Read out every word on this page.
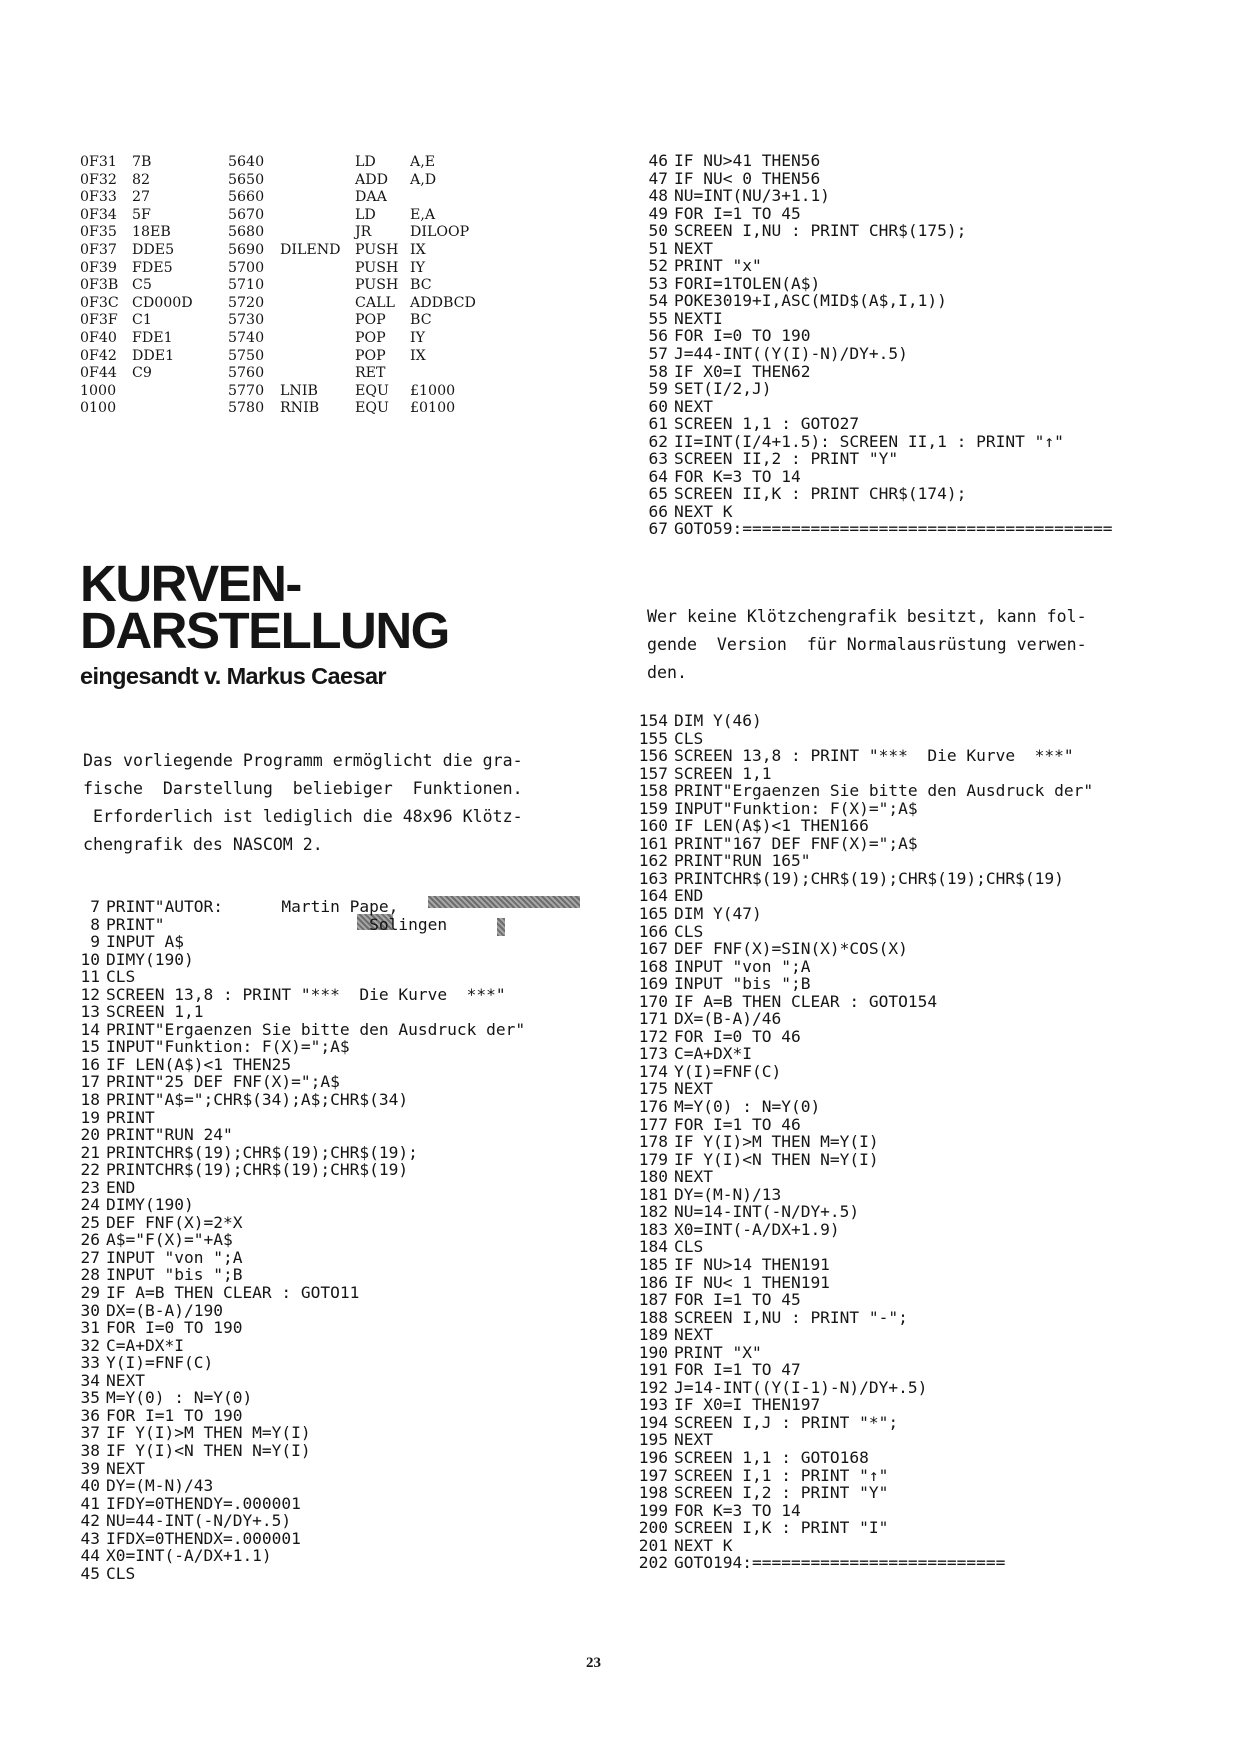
0F31 7B	5640	LD A,E
0F32 82	5650	ADD A,D
0F33 27	5660	DAA
0F34 5F	5670	LD E,A
0F35 18EB	5680	JR	DILOOP
0F37 DDE5	5690 DILEND PUSH IX
0F39 FDE5	5700	PUSH IY
0F3B C5	5710	PUSH BC
0F3C CD000D 5720	CALL ADDBCD
0F3F C1	5730	POP BC
0F40 FDE1	5740	POP IY
0F42 DDE1	5750	POP IX
0F44 C9	5760	RET
1000	5770 LNIB	EQU £1000
0100	5780 RNIB	EQU £0100
46 IF NU>41 THEN56
47 IF NU< 0 THEN56
48 NU=INT(NU/3+1.1)
49 FOR I=1 TO 45
50 SCREEN I,NU : PRINT CHR$(175);
51 NEXT
52 PRINT "x"
53 FORI=1TOLEN(A$)
54 POKE3019+I,ASC(MID$(A$,I,1))
55 NEXTI
56 FOR I=0 TO 190
57 J=44-INT((Y(I)-N)/DY+.5)
58 IF X0=I THEN62
59 SET(I/2,J)
60 NEXT
61 SCREEN 1,1 : GOTO27
62 II=INT(I/4+1.5): SCREEN II,1 : PRINT "↑"
63 SCREEN II,2 : PRINT "Y"
64 FOR K=3 TO 14
65 SCREEN II,K : PRINT CHR$(174);
66 NEXT K
67 GOTO59:======================================
KURVEN-
DARSTELLUNG
eingesandt v. Markus Caesar
Das vorliegende Programm ermöglicht die gra-
fische  Darstellung  beliebiger  Funktionen.
Erforderlich ist lediglich die 48x96 Klötz-
chengrafik des NASCOM 2.
Wer keine Klötzchengrafik besitzt, kann fol-
gende  Version  für Normalausrüstung verwen-
den.
7 PRINT"AUTOR:      Martin Pape,
8 PRINT"                     Solingen
9 INPUT A$
10 DIMY(190)
11 CLS
12 SCREEN 13,8 : PRINT "***  Die Kurve  ***"
13 SCREEN 1,1
14 PRINT"Ergaenzen Sie bitte den Ausdruck der"
15 INPUT"Funktion: F(X)=";A$
16 IF LEN(A$)<1 THEN25
17 PRINT"25 DEF FNF(X)=";A$
18 PRINT"A$=";CHR$(34);A$;CHR$(34)
19 PRINT
20 PRINT"RUN 24"
21 PRINTCHR$(19);CHR$(19);CHR$(19);
22 PRINTCHR$(19);CHR$(19);CHR$(19)
23 END
24 DIMY(190)
25 DEF FNF(X)=2*X
26 A$="F(X)="+A$
27 INPUT "von ";A
28 INPUT "bis ";B
29 IF A=B THEN CLEAR : GOTO11
30 DX=(B-A)/190
31 FOR I=0 TO 190
32 C=A+DX*I
33 Y(I)=FNF(C)
34 NEXT
35 M=Y(0) : N=Y(0)
36 FOR I=1 TO 190
37 IF Y(I)>M THEN M=Y(I)
38 IF Y(I)<N THEN N=Y(I)
39 NEXT
40 DY=(M-N)/43
41 IFDY=0THENDY=.000001
42 NU=44-INT(-N/DY+.5)
43 IFDX=0THENDX=.000001
44 X0=INT(-A/DX+1.1)
45 CLS
154 DIM Y(46)
155 CLS
156 SCREEN 13,8 : PRINT "***  Die Kurve  ***"
157 SCREEN 1,1
158 PRINT"Ergaenzen Sie bitte den Ausdruck der"
159 INPUT"Funktion: F(X)=";A$
160 IF LEN(A$)<1 THEN166
161 PRINT"167 DEF FNF(X)=";A$
162 PRINT"RUN 165"
163 PRINTCHR$(19);CHR$(19);CHR$(19);CHR$(19)
164 END
165 DIM Y(47)
166 CLS
167 DEF FNF(X)=SIN(X)*COS(X)
168 INPUT "von ";A
169 INPUT "bis ";B
170 IF A=B THEN CLEAR : GOTO154
171 DX=(B-A)/46
172 FOR I=0 TO 46
173 C=A+DX*I
174 Y(I)=FNF(C)
175 NEXT
176 M=Y(0) : N=Y(0)
177 FOR I=1 TO 46
178 IF Y(I)>M THEN M=Y(I)
179 IF Y(I)<N THEN N=Y(I)
180 NEXT
181 DY=(M-N)/13
182 NU=14-INT(-N/DY+.5)
183 X0=INT(-A/DX+1.9)
184 CLS
185 IF NU>14 THEN191
186 IF NU< 1 THEN191
187 FOR I=1 TO 45
188 SCREEN I,NU : PRINT "-";
189 NEXT
190 PRINT "X"
191 FOR I=1 TO 47
192 J=14-INT((Y(I-1)-N)/DY+.5)
193 IF X0=I THEN197
194 SCREEN I,J : PRINT "*";
195 NEXT
196 SCREEN 1,1 : GOTO168
197 SCREEN I,1 : PRINT "↑"
198 SCREEN I,2 : PRINT "Y"
199 FOR K=3 TO 14
200 SCREEN I,K : PRINT "I"
201 NEXT K
202 GOTO194:==========================
23
